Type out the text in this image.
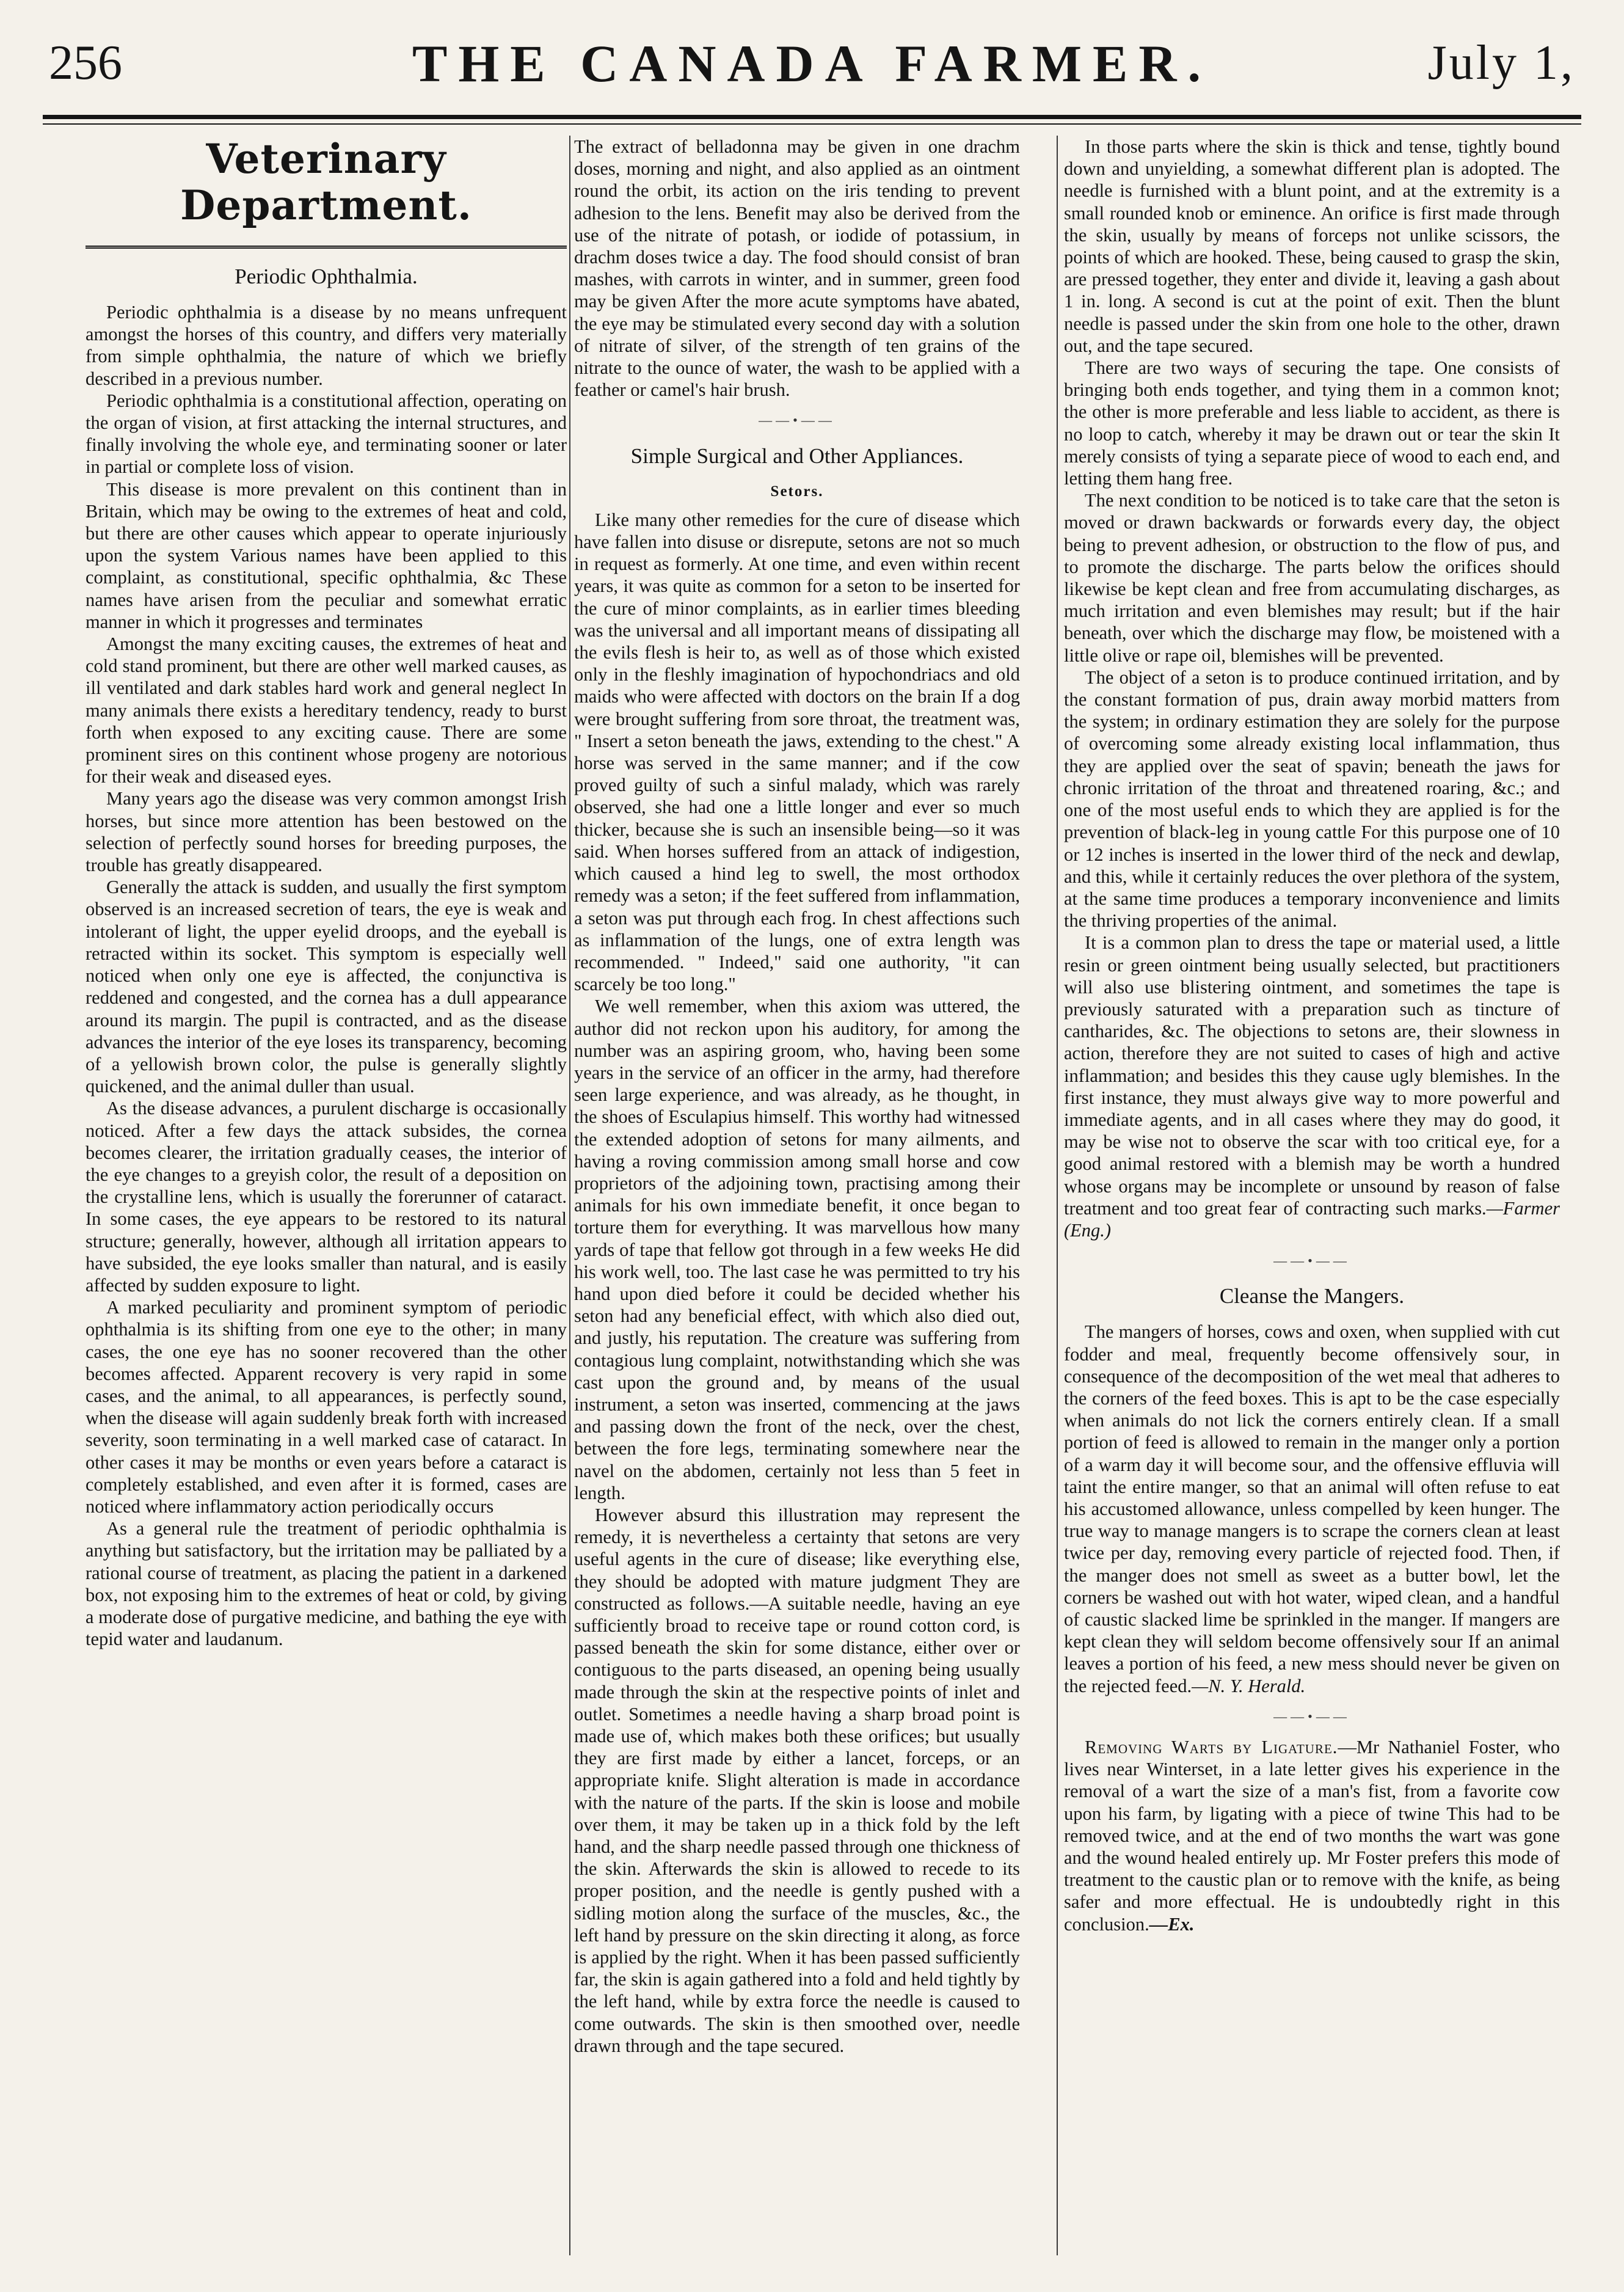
256	THE CANADA FARMER.	July 1,
Veterinary Department.
Periodic Ophthalmia.

Periodic ophthalmia is a disease by no means unfrequent amongst the horses of this country, and differs very materially from simple ophthalmia, the nature of which we briefly described in a previous number.

Periodic ophthalmia is a constitutional affection, operating on the organ of vision, at first attacking the internal structures, and finally involving the whole eye, and terminating sooner or later in partial or complete loss of vision.

This disease is more prevalent on this continent than in Britain, which may be owing to the extremes of heat and cold, but there are other causes which appear to operate injuriously upon the system Various names have been applied to this complaint, as constitutional, specific ophthalmia, &c These names have arisen from the peculiar and somewhat erratic manner in which it progresses and terminates

Amongst the many exciting causes, the extremes of heat and cold stand prominent, but there are other well marked causes, as ill ventilated and dark stables hard work and general neglect In many animals there exists a hereditary tendency, ready to burst forth when exposed to any exciting cause. There are some prominent sires on this continent whose progeny are notorious for their weak and diseased eyes.

Many years ago the disease was very common amongst Irish horses, but since more attention has been bestowed on the selection of perfectly sound horses for breeding purposes, the trouble has greatly disappeared.

Generally the attack is sudden, and usually the first symptom observed is an increased secretion of tears, the eye is weak and intolerant of light, the upper eyelid droops, and the eyeball is retracted within its socket. This symptom is especially well noticed when only one eye is affected, the conjunctiva is reddened and congested, and the cornea has a dull appearance around its margin. The pupil is contracted, and as the disease advances the interior of the eye loses its transparency, becoming of a yellowish brown color, the pulse is generally slightly quickened, and the animal duller than usual.

As the disease advances, a purulent discharge is occasionally noticed. After a few days the attack subsides, the cornea becomes clearer, the irritation gradually ceases, the interior of the eye changes to a greyish color, the result of a deposition on the crystalline lens, which is usually the forerunner of cataract. In some cases, the eye appears to be restored to its natural structure; generally, however, although all irritation appears to have subsided, the eye looks smaller than natural, and is easily affected by sudden exposure to light.

A marked peculiarity and prominent symptom of periodic ophthalmia is its shifting from one eye to the other; in many cases, the one eye has no sooner recovered than the other becomes affected. Apparent recovery is very rapid in some cases, and the animal, to all appearances, is perfectly sound, when the disease will again suddenly break forth with increased severity, soon terminating in a well marked case of cataract. In other cases it may be months or even years before a cataract is completely established, and even after it is formed, cases are noticed where inflammatory action periodically occurs

As a general rule the treatment of periodic ophthalmia is anything but satisfactory, but the irritation may be palliated by a rational course of treatment, as placing the patient in a darkened box, not exposing him to the extremes of heat or cold, by giving a moderate dose of purgative medicine, and bathing the eye with tepid water and laudanum.

The extract of belladonna may be given in one drachm doses, morning and night, and also applied as an ointment round the orbit, its action on the iris tending to prevent adhesion to the lens. Benefit may also be derived from the use of the nitrate of potash, or iodide of potassium, in drachm doses twice a day. The food should consist of bran mashes, with carrots in winter, and in summer, green food may be given After the more acute symptoms have abated, the eye may be stimulated every second day with a solution of nitrate of silver, of the strength of ten grains of the nitrate to the ounce of water, the wash to be applied with a feather or camel's hair brush.

——•——
Simple Surgical and Other Appliances.
Setors.

Like many other remedies for the cure of disease which have fallen into disuse or disrepute, setons are not so much in request as formerly. At one time, and even within recent years, it was quite as common for a seton to be inserted for the cure of minor complaints, as in earlier times bleeding was the universal and all important means of dissipating all the evils flesh is heir to, as well as of those which existed only in the fleshly imagination of hypochondriacs and old maids who were affected with doctors on the brain If a dog were brought suffering from sore throat, the treatment was, " Insert a seton beneath the jaws, extending to the chest." A horse was served in the same manner; and if the cow proved guilty of such a sinful malady, which was rarely observed, she had one a little longer and ever so much thicker, because she is such an insensible being—so it was said. When horses suffered from an attack of indigestion, which caused a hind leg to swell, the most orthodox remedy was a seton; if the feet suffered from inflammation, a seton was put through each frog. In chest affections such as inflammation of the lungs, one of extra length was recommended. " Indeed," said one authority, "it can scarcely be too long."

We well remember, when this axiom was uttered, the author did not reckon upon his auditory, for among the number was an aspiring groom, who, having been some years in the service of an officer in the army, had therefore seen large experience, and was already, as he thought, in the shoes of Esculapius himself. This worthy had witnessed the extended adoption of setons for many ailments, and having a roving commission among small horse and cow proprietors of the adjoining town, practising among their animals for his own immediate benefit, it once began to torture them for everything. It was marvellous how many yards of tape that fellow got through in a few weeks He did his work well, too. The last case he was permitted to try his hand upon died before it could be decided whether his seton had any beneficial effect, with which also died out, and justly, his reputation. The creature was suffering from contagious lung complaint, notwithstanding which she was cast upon the ground and, by means of the usual instrument, a seton was inserted, commencing at the jaws and passing down the front of the neck, over the chest, between the fore legs, terminating somewhere near the navel on the abdomen, certainly not less than 5 feet in length.

However absurd this illustration may represent the remedy, it is nevertheless a certainty that setons are very useful agents in the cure of disease; like everything else, they should be adopted with mature judgment They are constructed as follows.—A suitable needle, having an eye sufficiently broad to receive tape or round cotton cord, is passed beneath the skin for some distance, either over or contiguous to the parts diseased, an opening being usually made through the skin at the respective points of inlet and outlet. Sometimes a needle having a sharp broad point is made use of, which makes both these orifices; but usually they are first made by either a lancet, forceps, or an appropriate knife. Slight alteration is made in accordance with the nature of the parts. If the skin is loose and mobile over them, it may be taken up in a thick fold by the left hand, and the sharp needle passed through one thickness of the skin. Afterwards the skin is allowed to recede to its proper position, and the needle is gently pushed with a sidling motion along the surface of the muscles, &c., the left hand by pressure on the skin directing it along, as force is applied by the right. When it has been passed sufficiently far, the skin is again gathered into a fold and held tightly by the left hand, while by extra force the needle is caused to come outwards. The skin is then smoothed over, needle drawn through and the tape secured.

In those parts where the skin is thick and tense, tightly bound down and unyielding, a somewhat different plan is adopted. The needle is furnished with a blunt point, and at the extremity is a small rounded knob or eminence. An orifice is first made through the skin, usually by means of forceps not unlike scissors, the points of which are hooked. These, being caused to grasp the skin, are pressed together, they enter and divide it, leaving a gash about 1 in. long. A second is cut at the point of exit. Then the blunt needle is passed under the skin from one hole to the other, drawn out, and the tape secured.

There are two ways of securing the tape. One consists of bringing both ends together, and tying them in a common knot; the other is more preferable and less liable to accident, as there is no loop to catch, whereby it may be drawn out or tear the skin It merely consists of tying a separate piece of wood to each end, and letting them hang free.

The next condition to be noticed is to take care that the seton is moved or drawn backwards or forwards every day, the object being to prevent adhesion, or obstruction to the flow of pus, and to promote the discharge. The parts below the orifices should likewise be kept clean and free from accumulating discharges, as much irritation and even blemishes may result; but if the hair beneath, over which the discharge may flow, be moistened with a little olive or rape oil, blemishes will be prevented.

The object of a seton is to produce continued irritation, and by the constant formation of pus, drain away morbid matters from the system; in ordinary estimation they are solely for the purpose of overcoming some already existing local inflammation, thus they are applied over the seat of spavin; beneath the jaws for chronic irritation of the throat and threatened roaring, &c.; and one of the most useful ends to which they are applied is for the prevention of black-leg in young cattle For this purpose one of 10 or 12 inches is inserted in the lower third of the neck and dewlap, and this, while it certainly reduces the over plethora of the system, at the same time produces a temporary inconvenience and limits the thriving properties of the animal.

It is a common plan to dress the tape or material used, a little resin or green ointment being usually selected, but practitioners will also use blistering ointment, and sometimes the tape is previously saturated with a preparation such as tincture of cantharides, &c. The objections to setons are, their slowness in action, therefore they are not suited to cases of high and active inflammation; and besides this they cause ugly blemishes. In the first instance, they must always give way to more powerful and immediate agents, and in all cases where they may do good, it may be wise not to observe the scar with too critical eye, for a good animal restored with a blemish may be worth a hundred whose organs may be incomplete or unsound by reason of false treatment and too great fear of contracting such marks.—Farmer (Eng.)

——•——
Cleanse the Mangers.

The mangers of horses, cows and oxen, when supplied with cut fodder and meal, frequently become offensively sour, in consequence of the decomposition of the wet meal that adheres to the corners of the feed boxes. This is apt to be the case especially when animals do not lick the corners entirely clean. If a small portion of feed is allowed to remain in the manger only a portion of a warm day it will become sour, and the offensive effluvia will taint the entire manger, so that an animal will often refuse to eat his accustomed allowance, unless compelled by keen hunger. The true way to manage mangers is to scrape the corners clean at least twice per day, removing every particle of rejected food. Then, if the manger does not smell as sweet as a butter bowl, let the corners be washed out with hot water, wiped clean, and a handful of caustic slacked lime be sprinkled in the manger. If mangers are kept clean they will seldom become offensively sour If an animal leaves a portion of his feed, a new mess should never be given on the rejected feed.—N. Y. Herald.

——•——

Removing Warts by Ligature.—Mr Nathaniel Foster, who lives near Winterset, in a late letter gives his experience in the removal of a wart the size of a man's fist, from a favorite cow upon his farm, by ligating with a piece of twine This had to be removed twice, and at the end of two months the wart was gone and the wound healed entirely up. Mr Foster prefers this mode of treatment to the caustic plan or to remove with the knife, as being safer and more effectual. He is undoubtedly right in this conclusion.—Ex.
